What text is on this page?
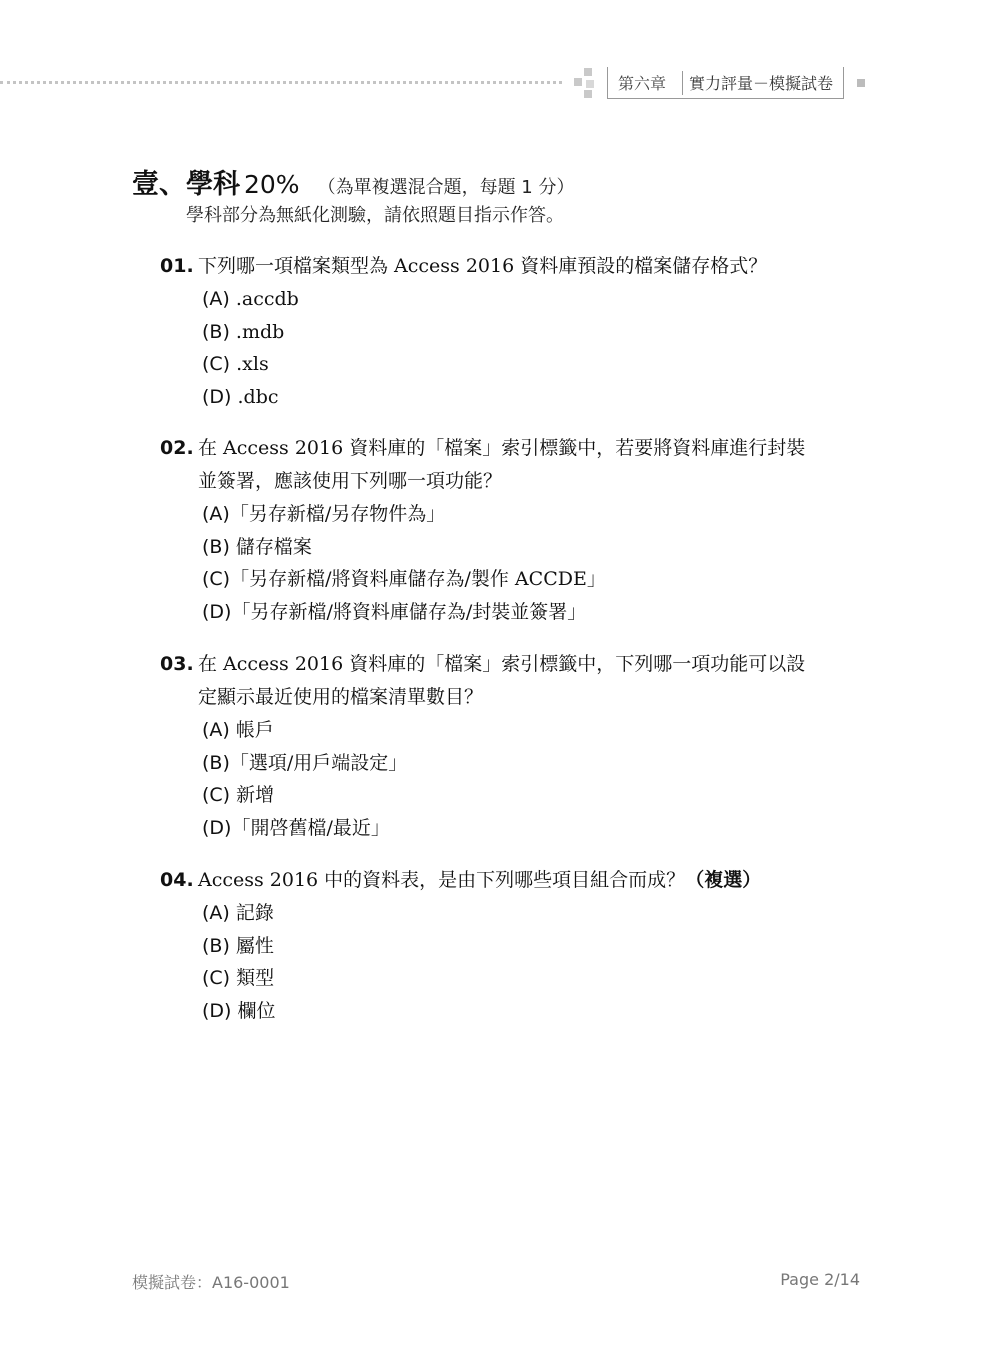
第六章	實力評量－模擬試卷
壹、學科 20% （為單複選混合題，每題 1 分）
學科部分為無紙化測驗，請依照題目指示作答。
01. 下列哪一項檔案類型為 Access 2016 資料庫預設的檔案儲存格式？
(A) .accdb
(B) .mdb
(C) .xls
(D) .dbc
02. 在 Access 2016 資料庫的「檔案」索引標籤中，若要將資料庫進行封裝
並簽署，應該使用下列哪一項功能？
(A)「另存新檔/另存物件為」
(B) 儲存檔案
(C)「另存新檔/將資料庫儲存為/製作 ACCDE」
(D)「另存新檔/將資料庫儲存為/封裝並簽署」
03. 在 Access 2016 資料庫的「檔案」索引標籤中，下列哪一項功能可以設
定顯示最近使用的檔案清單數目？
(A) 帳戶
(B)「選項/用戶端設定」
(C) 新增
(D)「開啓舊檔/最近」
04. Access 2016 中的資料表，是由下列哪些項目組合而成？（複選）
(A) 記錄
(B) 屬性
(C) 類型
(D) 欄位
模擬試卷：A16-0001	Page 2/14
